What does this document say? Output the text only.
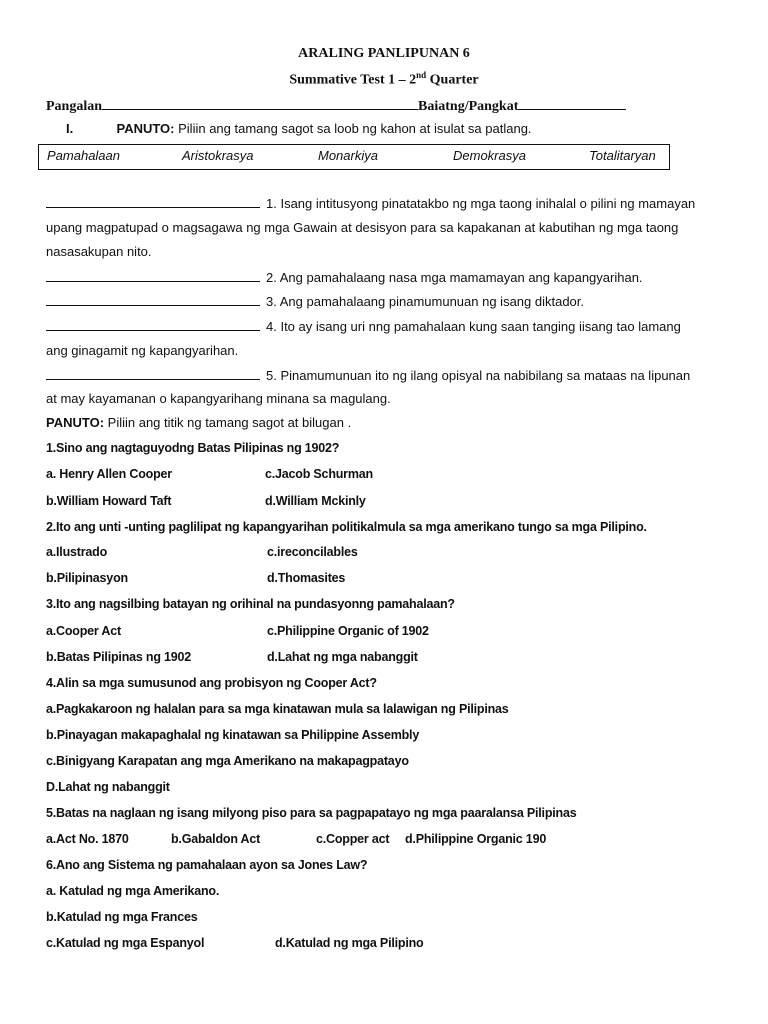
ARALING PANLIPUNAN 6
Summative Test 1 – 2nd Quarter
Pangalan	Baiatng/Pangkat
I.	PANUTO: Piliin ang tamang sagot sa loob ng kahon at isulat sa patlang.
Pamahalaan	Aristokrasya	Monarkiya	Demokrasya	Totalitaryan
1. Isang intitusyong pinatatakbo ng mga taong inihalal o pilini ng mamayan
upang magpatupad o magsagawa ng mga Gawain at desisyon para sa kapakanan at kabutihan ng mga taong
nasasakupan nito.
2. Ang pamahalaang nasa mga mamamayan ang kapangyarihan.
3. Ang pamahalaang pinamumunuan ng isang diktador.
4. Ito ay isang uri nng pamahalaan kung saan tanging iisang tao lamang
ang ginagamit ng kapangyarihan.
5. Pinamumunuan ito ng ilang opisyal na nabibilang sa mataas na lipunan
at may kayamanan o kapangyarihang minana sa magulang.
PANUTO: Piliin ang titik ng tamang sagot at bilugan .
1.Sino ang nagtaguyodng Batas Pilipinas ng 1902?
a. Henry Allen Cooper	c.Jacob Schurman
b.William Howard Taft	d.William Mckinly
2.Ito ang unti -unting paglilipat ng kapangyarihan politikalmula sa mga amerikano tungo sa mga Pilipino.
a.Ilustrado	c.ireconcilables
b.Pilipinasyon	d.Thomasites
3.Ito ang nagsilbing batayan ng orihinal na pundasyonng pamahalaan?
a.Cooper Act	c.Philippine Organic of 1902
b.Batas Pilipinas ng 1902	d.Lahat ng mga nabanggit
4.Alin sa mga sumusunod ang probisyon ng Cooper Act?
a.Pagkakaroon ng halalan para sa mga kinatawan mula sa lalawigan ng Pilipinas
b.Pinayagan makapaghalal ng kinatawan sa Philippine Assembly
c.Binigyang Karapatan ang mga Amerikano na makapagpatayo
D.Lahat ng nabanggit
5.Batas na naglaan ng isang milyong piso para sa pagpapatayo ng mga paaralansa Pilipinas
a.Act No. 1870	b.Gabaldon Act	c.Copper act d.Philippine Organic 190
6.Ano ang Sistema ng pamahalaan ayon sa Jones Law?
a. Katulad ng mga Amerikano.
b.Katulad ng mga Frances
c.Katulad ng mga Espanyol	d.Katulad ng mga Pilipino
